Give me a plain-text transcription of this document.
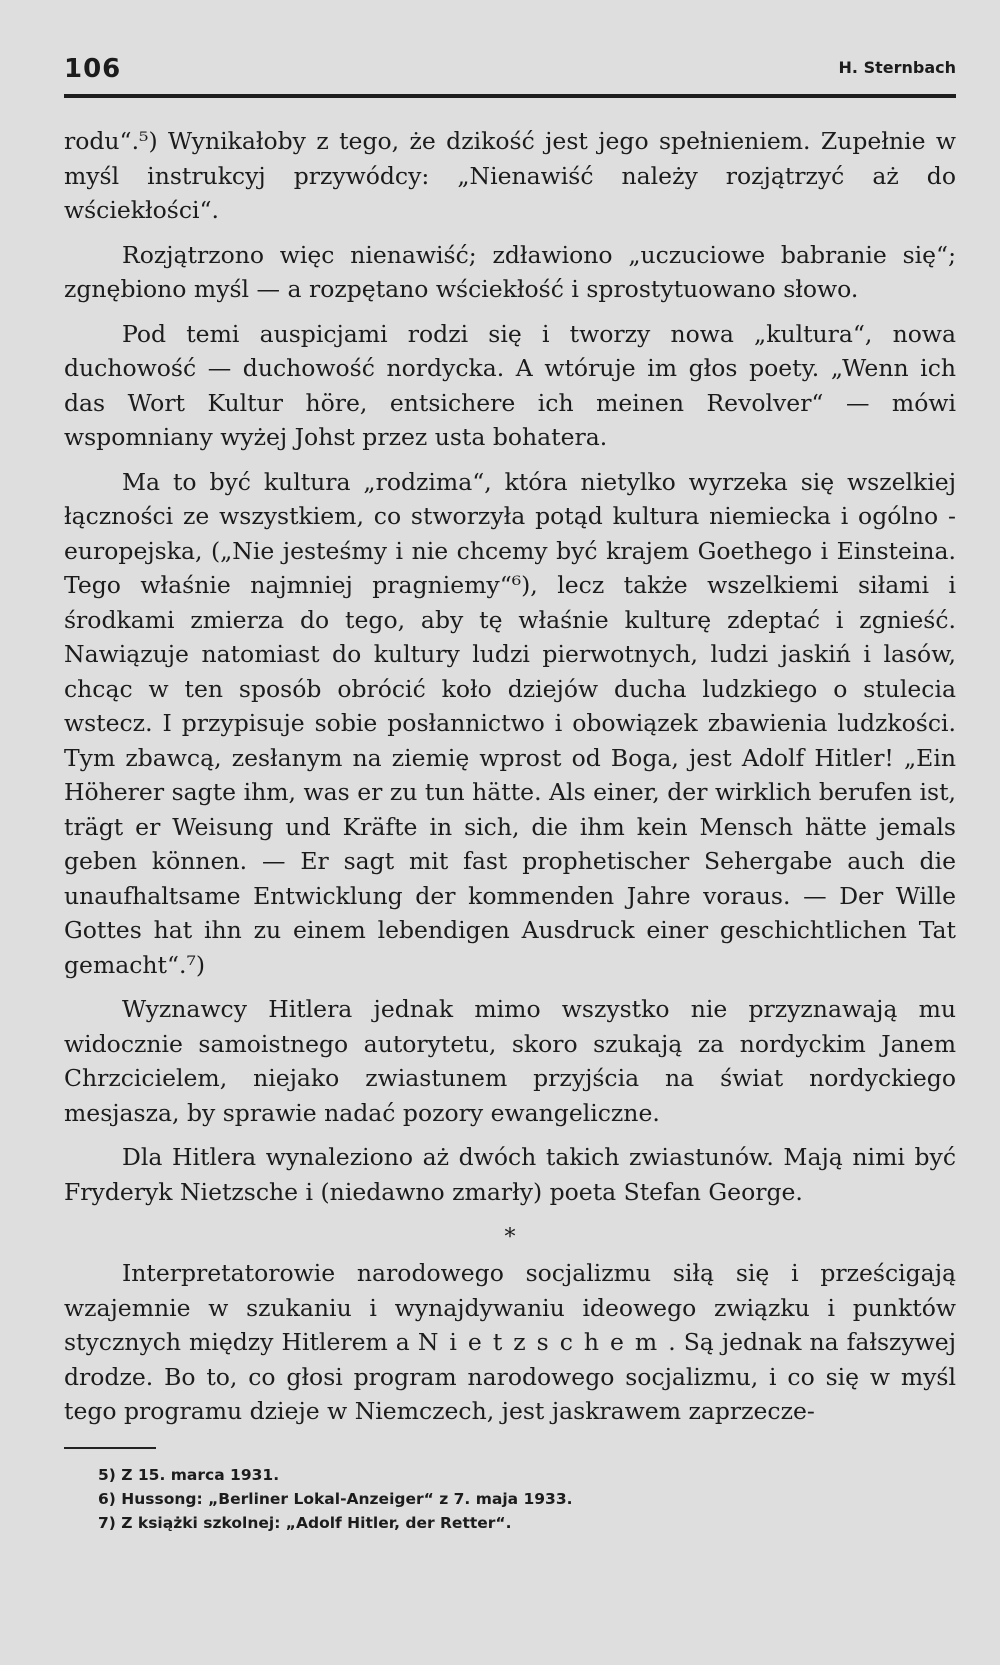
106	H. Sternbach

rodu“.⁵) Wynikałoby z tego, że dzikość jest jego spełnieniem. Zupełnie w myśl instrukcyj przywódcy: „Nienawiść należy rozjątrzyć aż do wściekłości“.

Rozjątrzono więc nienawiść; zdławiono „uczuciowe babranie się“; zgnębiono myśl — a rozpętano wściekłość i sprostytuowano słowo.

Pod temi auspicjami rodzi się i tworzy nowa „kultura“, nowa duchowość — duchowość nordycka. A wtóruje im głos poety. „Wenn ich das Wort Kultur höre, entsichere ich meinen Revolver“ — mówi wspomniany wyżej Johst przez usta bohatera.

Ma to być kultura „rodzima“, która nietylko wyrzeka się wszelkiej łączności ze wszystkiem, co stworzyła potąd kultura niemiecka i ogólno - europejska, („Nie jesteśmy i nie chcemy być krajem Goethego i Einsteina. Tego właśnie najmniej pragniemy“⁶), lecz także wszelkiemi siłami i środkami zmierza do tego, aby tę właśnie kulturę zdeptać i zgnieść. Nawiązuje natomiast do kultury ludzi pierwotnych, ludzi jaskiń i lasów, chcąc w ten sposób obrócić koło dziejów ducha ludzkiego o stulecia wstecz. I przypisuje sobie posłannictwo i obowiązek zbawienia ludzkości. Tym zbawcą, zesłanym na ziemię wprost od Boga, jest Adolf Hitler! „Ein Höherer sagte ihm, was er zu tun hätte. Als einer, der wirklich berufen ist, trägt er Weisung und Kräfte in sich, die ihm kein Mensch hätte jemals geben können. — Er sagt mit fast prophetischer Sehergabe auch die unaufhaltsame Entwicklung der kommenden Jahre voraus. — Der Wille Gottes hat ihn zu einem lebendigen Ausdruck einer geschichtlichen Tat gemacht“.⁷)

Wyznawcy Hitlera jednak mimo wszystko nie przyznawają mu widocznie samoistnego autorytetu, skoro szukają za nordyckim Janem Chrzcicielem, niejako zwiastunem przyjścia na świat nordyckiego mesjasza, by sprawie nadać pozory ewangeliczne.

Dla Hitlera wynaleziono aż dwóch takich zwiastunów. Mają nimi być Fryderyk Nietzsche i (niedawno zmarły) poeta Stefan George.

*

Interpretatorowie narodowego socjalizmu siłą się i prześcigają wzajemnie w szukaniu i wynajdywaniu ideowego związku i punktów stycznych między Hitlerem a Nietzschem. Są jednak na fałszywej drodze. Bo to, co głosi program narodowego socjalizmu, i co się w myśl tego programu dzieje w Niemczech, jest jaskrawem zaprzecze-

5) Z 15. marca 1931.
6) Hussong: „Berliner Lokal-Anzeiger“ z 7. maja 1933.
7) Z książki szkolnej: „Adolf Hitler, der Retter“.
